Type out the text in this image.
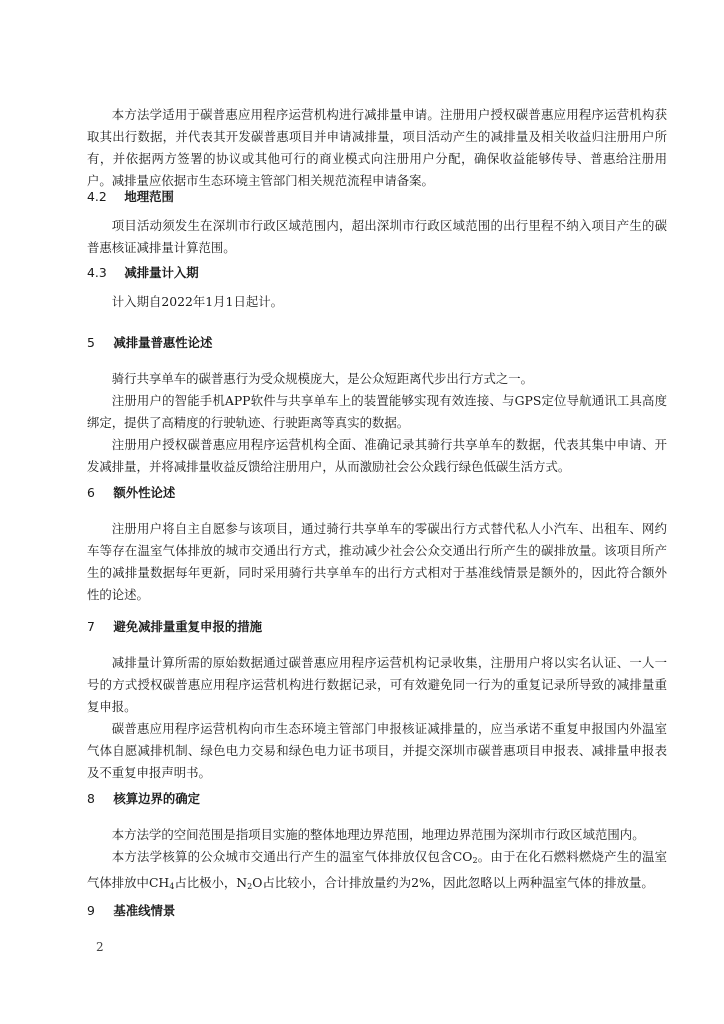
本方法学适用于碳普惠应用程序运营机构进行减排量申请。注册用户授权碳普惠应用程序运营机构获取其出行数据，并代表其开发碳普惠项目并申请减排量，项目活动产生的减排量及相关收益归注册用户所有，并依据两方签署的协议或其他可行的商业模式向注册用户分配，确保收益能够传导、普惠给注册用户。减排量应依据市生态环境主管部门相关规范流程申请备案。

4.2 地理范围

项目活动须发生在深圳市行政区域范围内，超出深圳市行政区域范围的出行里程不纳入项目产生的碳普惠核证减排量计算范围。

4.3 减排量计入期

计入期自2022年1月1日起计。

5 减排量普惠性论述

骑行共享单车的碳普惠行为受众规模庞大，是公众短距离代步出行方式之一。

注册用户的智能手机APP软件与共享单车上的装置能够实现有效连接、与GPS定位导航通讯工具高度绑定，提供了高精度的行驶轨迹、行驶距离等真实的数据。

注册用户授权碳普惠应用程序运营机构全面、准确记录其骑行共享单车的数据，代表其集中申请、开发减排量，并将减排量收益反馈给注册用户，从而激励社会公众践行绿色低碳生活方式。

6 额外性论述

注册用户将自主自愿参与该项目，通过骑行共享单车的零碳出行方式替代私人小汽车、出租车、网约车等存在温室气体排放的城市交通出行方式，推动减少社会公众交通出行所产生的碳排放量。该项目所产生的减排量数据每年更新，同时采用骑行共享单车的出行方式相对于基准线情景是额外的，因此符合额外性的论述。

7 避免减排量重复申报的措施

减排量计算所需的原始数据通过碳普惠应用程序运营机构记录收集，注册用户将以实名认证、一人一号的方式授权碳普惠应用程序运营机构进行数据记录，可有效避免同一行为的重复记录所导致的减排量重复申报。

碳普惠应用程序运营机构向市生态环境主管部门申报核证减排量的，应当承诺不重复申报国内外温室气体自愿减排机制、绿色电力交易和绿色电力证书项目，并提交深圳市碳普惠项目申报表、减排量申报表及不重复申报声明书。

8 核算边界的确定

本方法学的空间范围是指项目实施的整体地理边界范围，地理边界范围为深圳市行政区域范围内。

本方法学核算的公众城市交通出行产生的温室气体排放仅包含$CO_2$。由于在化石燃料燃烧产生的温室气体排放中$CH_4$占比极小，$N_2O$占比较小，合计排放量约为2%，因此忽略以上两种温室气体的排放量。

9 基准线情景
2
